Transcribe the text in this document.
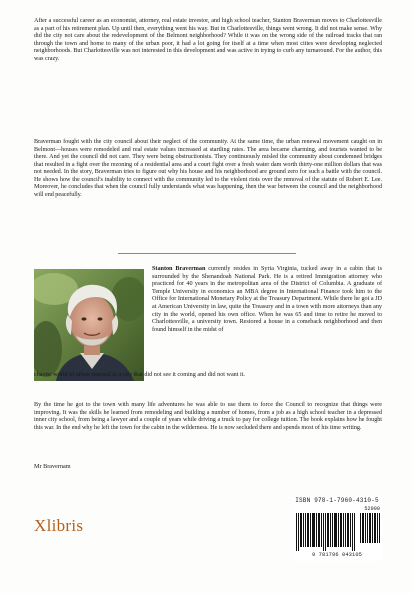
After a successful career as an economist, attorney, real estate investor, and high school teacher, Stanton Braverman moves to Charlottesville as a part of his retirement plan. Up until then, everything went his way. But in Charlottesville, things went wrong. It did not make sense. Why did the city not care about the redevelopment of the Belmont neighborhood? While it was on the wrong side of the railroad tracks that ran through the town and home to many of the urban poor, it had a lot going for itself at a time when most cities were developing neglected neighborhoods. But Charlottesville was not interested in this development and was active in trying to curb any turnaround. For the author, this was crazy.
Braverman fought with the city council about their neglect of the community. At the same time, the urban renewal movement caught on in Belmont—houses were remodeled and real estate values increased at startling rates. The area became charming, and tourists wanted to be there. And yet the council did not care. They were being obstructionists. They continuously misled the community about condemned bridges that resulted in a fight over the rezoning of a residential area and a court fight over a fresh water dam worth thirty-one million dollars that was not needed. In the story, Braverman tries to figure out why his house and his neighborhood are ground zero for such a battle with the council. He shows how the council's inability to connect with the community led to the violent riots over the removal of the statute of Robert E. Lee. Moreover, he concludes that when the council fully understands what was happening, then the war between the council and the neighborhood will end peacefully.
Stanton Braverman currently resides in Syria Virginia, tucked away in a cabin that is surrounded by the Shenandoah National Park. He is a retired Immigration attorney who practiced for 40 years in the metropolitan area of the District of Columbia. A graduate of Temple University in economics an MBA degree in International Finance took him to the Office for International Monetary Policy at the Treasury Department. While there he got a JD at American University in law, quite the Treasury and in a town with more attorneys than any city in the world, opened his own office. When he was 65 and time to retire he moved to Charlottesville, a university town. Restored a house in a comeback neighborhood and then found himself in the midst of
chaotic world of urban renewal in a city that did not see it coming and did not want it.
By the time he got to the town with many life adventures he was able to use them to force the Council to recognize that things were improving. It was the skills he learned from remodeling and building a number of homes, from a job as a high school teacher in a depressed inner city school, from being a lawyer and a couple of years while driving a truck to pay for college tuition. The book explains how he fought this war. In the end why he left the town for the cabin in the wilderness. He is now secluded there and spends most of his time writing.
Mr Bravernam
Xlibris
ISBN 978-1-7960-4310-5
52999
9 781796 043105
